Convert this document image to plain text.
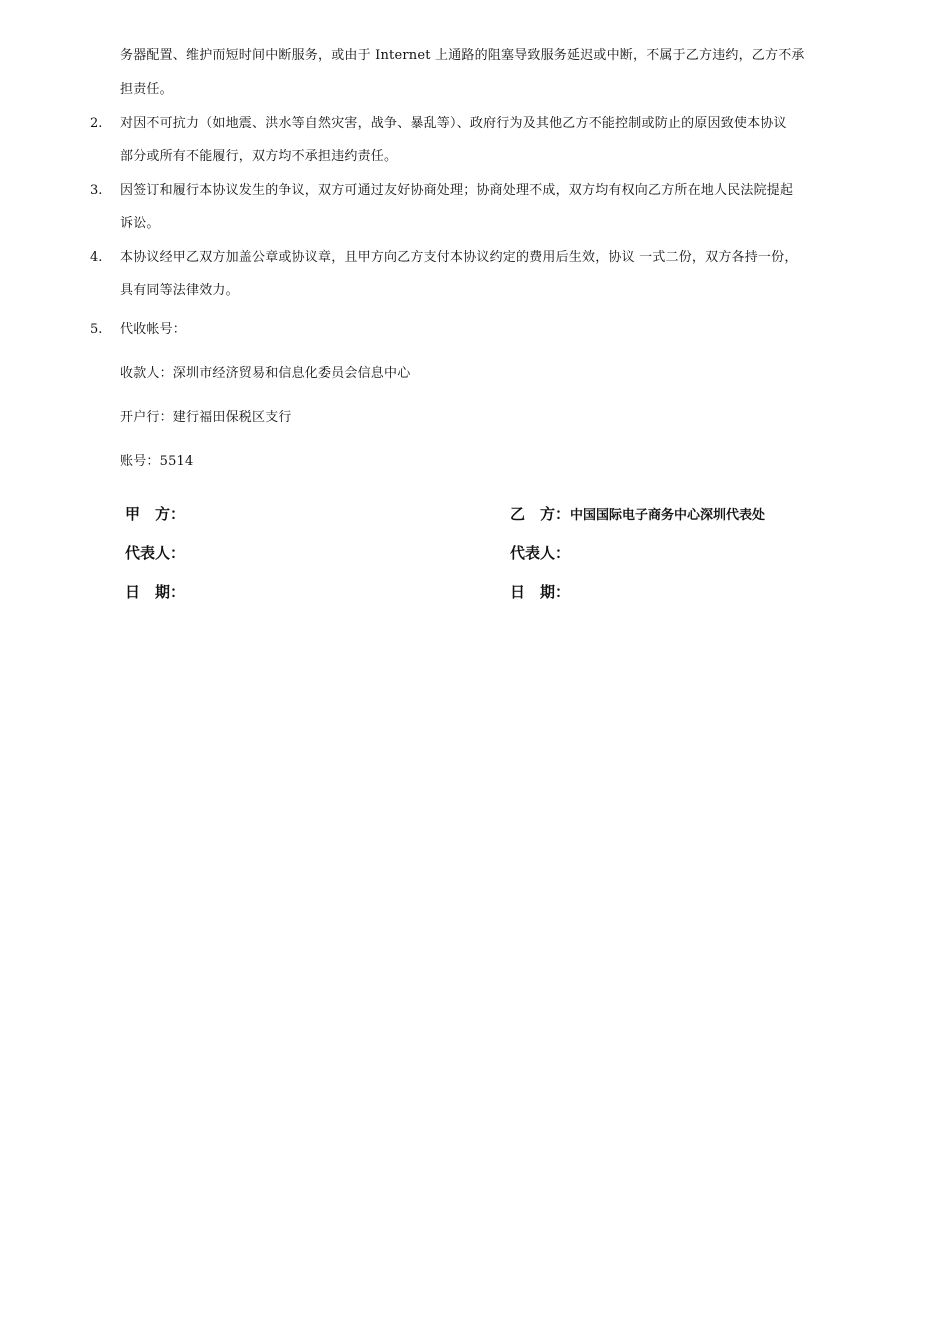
务器配置、维护而短时间中断服务，或由于 Internet 上通路的阻塞导致服务延迟或中断，不属于乙方违约，乙方不承
担责任。
2. 对因不可抗力（如地震、洪水等自然灾害，战争、暴乱等）、政府行为及其他乙方不能控制或防止的原因致使本协议
部分或所有不能履行，双方均不承担违约责任。
3. 因签订和履行本协议发生的争议，双方可通过友好协商处理；协商处理不成，双方均有权向乙方所在地人民法院提起
诉讼。
4. 本协议经甲乙双方加盖公章或协议章，且甲方向乙方支付本协议约定的费用后生效，协议 一式二份，双方各持一份，
具有同等法律效力。
5. 代收帐号：
收款人：深圳市经济贸易和信息化委员会信息中心
开户行：建行福田保税区支行
账号：5514
甲　方：
代表人：
日　期：
乙　方：中国国际电子商务中心深圳代表处
代表人：
日　期：
